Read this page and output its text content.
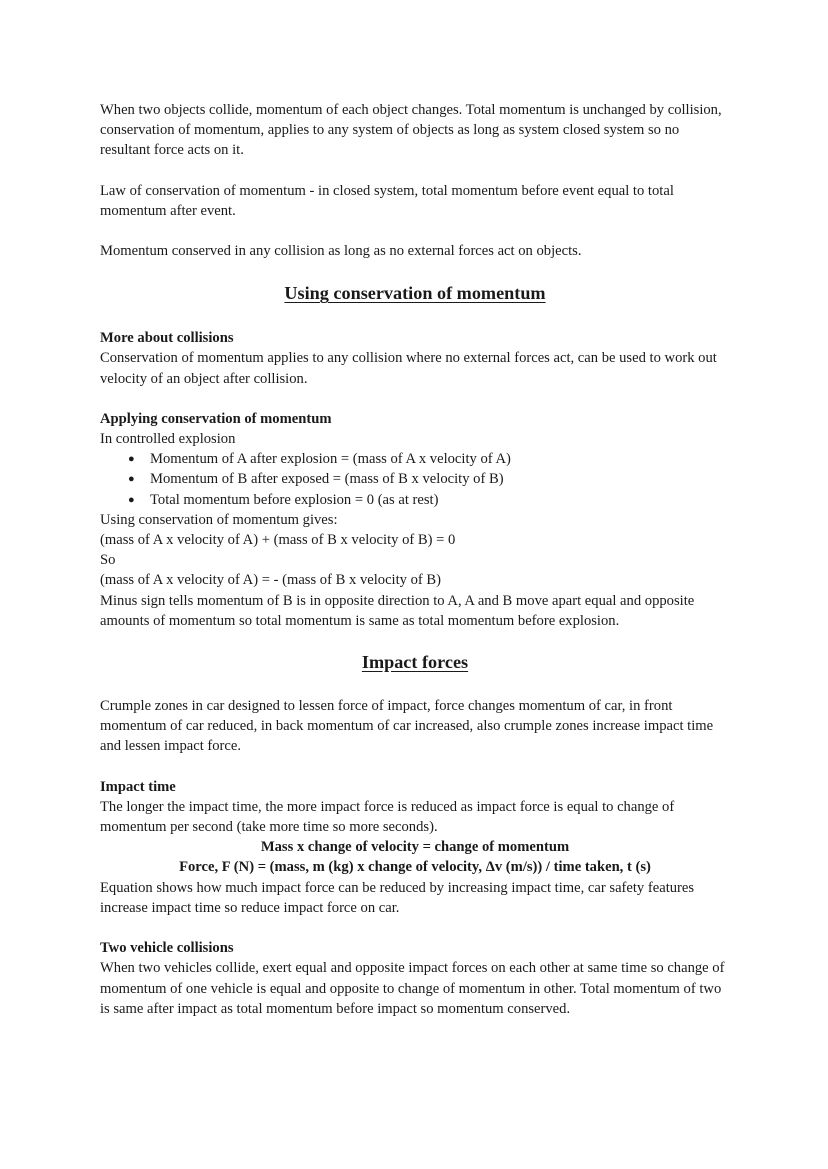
When two objects collide, momentum of each object changes. Total momentum is unchanged by collision, conservation of momentum, applies to any system of objects as long as system closed system so no resultant force acts on it.

Law of conservation of momentum - in closed system, total momentum before event equal to total momentum after event.

Momentum conserved in any collision as long as no external forces act on objects.

Using conservation of momentum

More about collisions

Conservation of momentum applies to any collision where no external forces act, can be used to work out velocity of an object after collision.

Applying conservation of momentum

In controlled explosion

● Momentum of A after explosion = (mass of A x velocity of A)
● Momentum of B after exposed = (mass of B x velocity of B)
● Total momentum before explosion = 0 (as at rest)

Using conservation of momentum gives:

(mass of A x velocity of A) + (mass of B x velocity of B) = 0

So

(mass of A x velocity of A) = - (mass of B x velocity of B)

Minus sign tells momentum of B is in opposite direction to A, A and B move apart equal and opposite amounts of momentum so total momentum is same as total momentum before explosion.

Impact forces

Crumple zones in car designed to lessen force of impact, force changes momentum of car, in front momentum of car reduced, in back momentum of car increased, also crumple zones increase impact time and lessen impact force.

Impact time

The longer the impact time, the more impact force is reduced as impact force is equal to change of momentum per second (take more time so more seconds).

Mass x change of velocity = change of momentum

Force, F (N) = (mass, m (kg) x change of velocity, Δv (m/s)) / time taken, t (s)

Equation shows how much impact force can be reduced by increasing impact time, car safety features increase impact time so reduce impact force on car.

Two vehicle collisions

When two vehicles collide, exert equal and opposite impact forces on each other at same time so change of momentum of one vehicle is equal and opposite to change of momentum in other. Total momentum of two is same after impact as total momentum before impact so momentum conserved.
